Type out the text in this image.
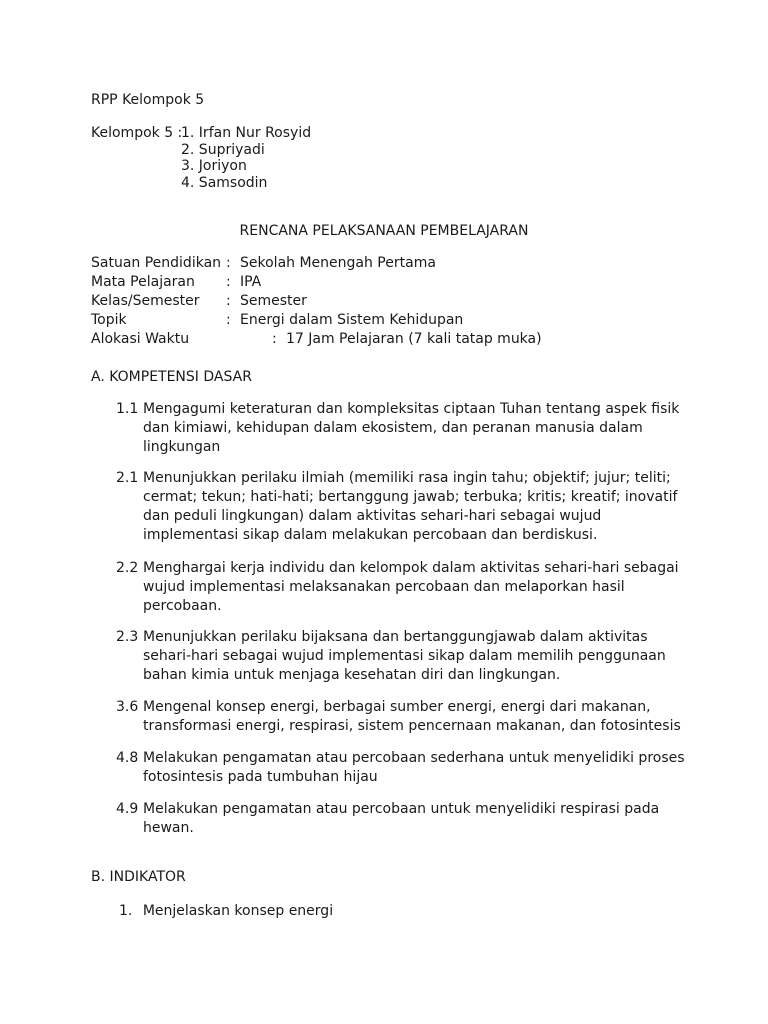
RPP Kelompok 5
Kelompok 5 :
1. Irfan Nur Rosyid
2. Supriyadi
3. Joriyon
4. Samsodin
RENCANA PELAKSANAAN PEMBELAJARAN
Satuan Pendidikan : Sekolah Menengah Pertama
Mata Pelajaran : IPA
Kelas/Semester : Semester
Topik	: Energi dalam Sistem Kehidupan
Alokasi Waktu	: 17 Jam Pelajaran (7 kali tatap muka)
A. KOMPETENSI DASAR
1.1 Mengagumi keteraturan dan kompleksitas ciptaan Tuhan tentang aspek fisik dan kimiawi, kehidupan dalam ekosistem, dan peranan manusia dalam lingkungan
2.1 Menunjukkan perilaku ilmiah (memiliki rasa ingin tahu; objektif; jujur; teliti; cermat; tekun; hati-hati; bertanggung jawab; terbuka; kritis; kreatif; inovatif dan peduli lingkungan) dalam aktivitas sehari-hari sebagai wujud implementasi sikap dalam melakukan percobaan dan berdiskusi.
2.2 Menghargai kerja individu dan kelompok dalam aktivitas sehari-hari sebagai wujud implementasi melaksanakan percobaan dan melaporkan hasil percobaan.
2.3 Menunjukkan perilaku bijaksana dan bertanggungjawab dalam aktivitas sehari-hari sebagai wujud implementasi sikap dalam memilih penggunaan bahan kimia untuk menjaga kesehatan diri dan lingkungan.
3.6 Mengenal konsep energi, berbagai sumber energi, energi dari makanan, transformasi energi, respirasi, sistem pencernaan makanan, dan fotosintesis
4.8 Melakukan pengamatan atau percobaan sederhana untuk menyelidiki proses fotosintesis pada tumbuhan hijau
4.9 Melakukan pengamatan atau percobaan untuk menyelidiki respirasi pada hewan.
B. INDIKATOR
1. Menjelaskan konsep energi
